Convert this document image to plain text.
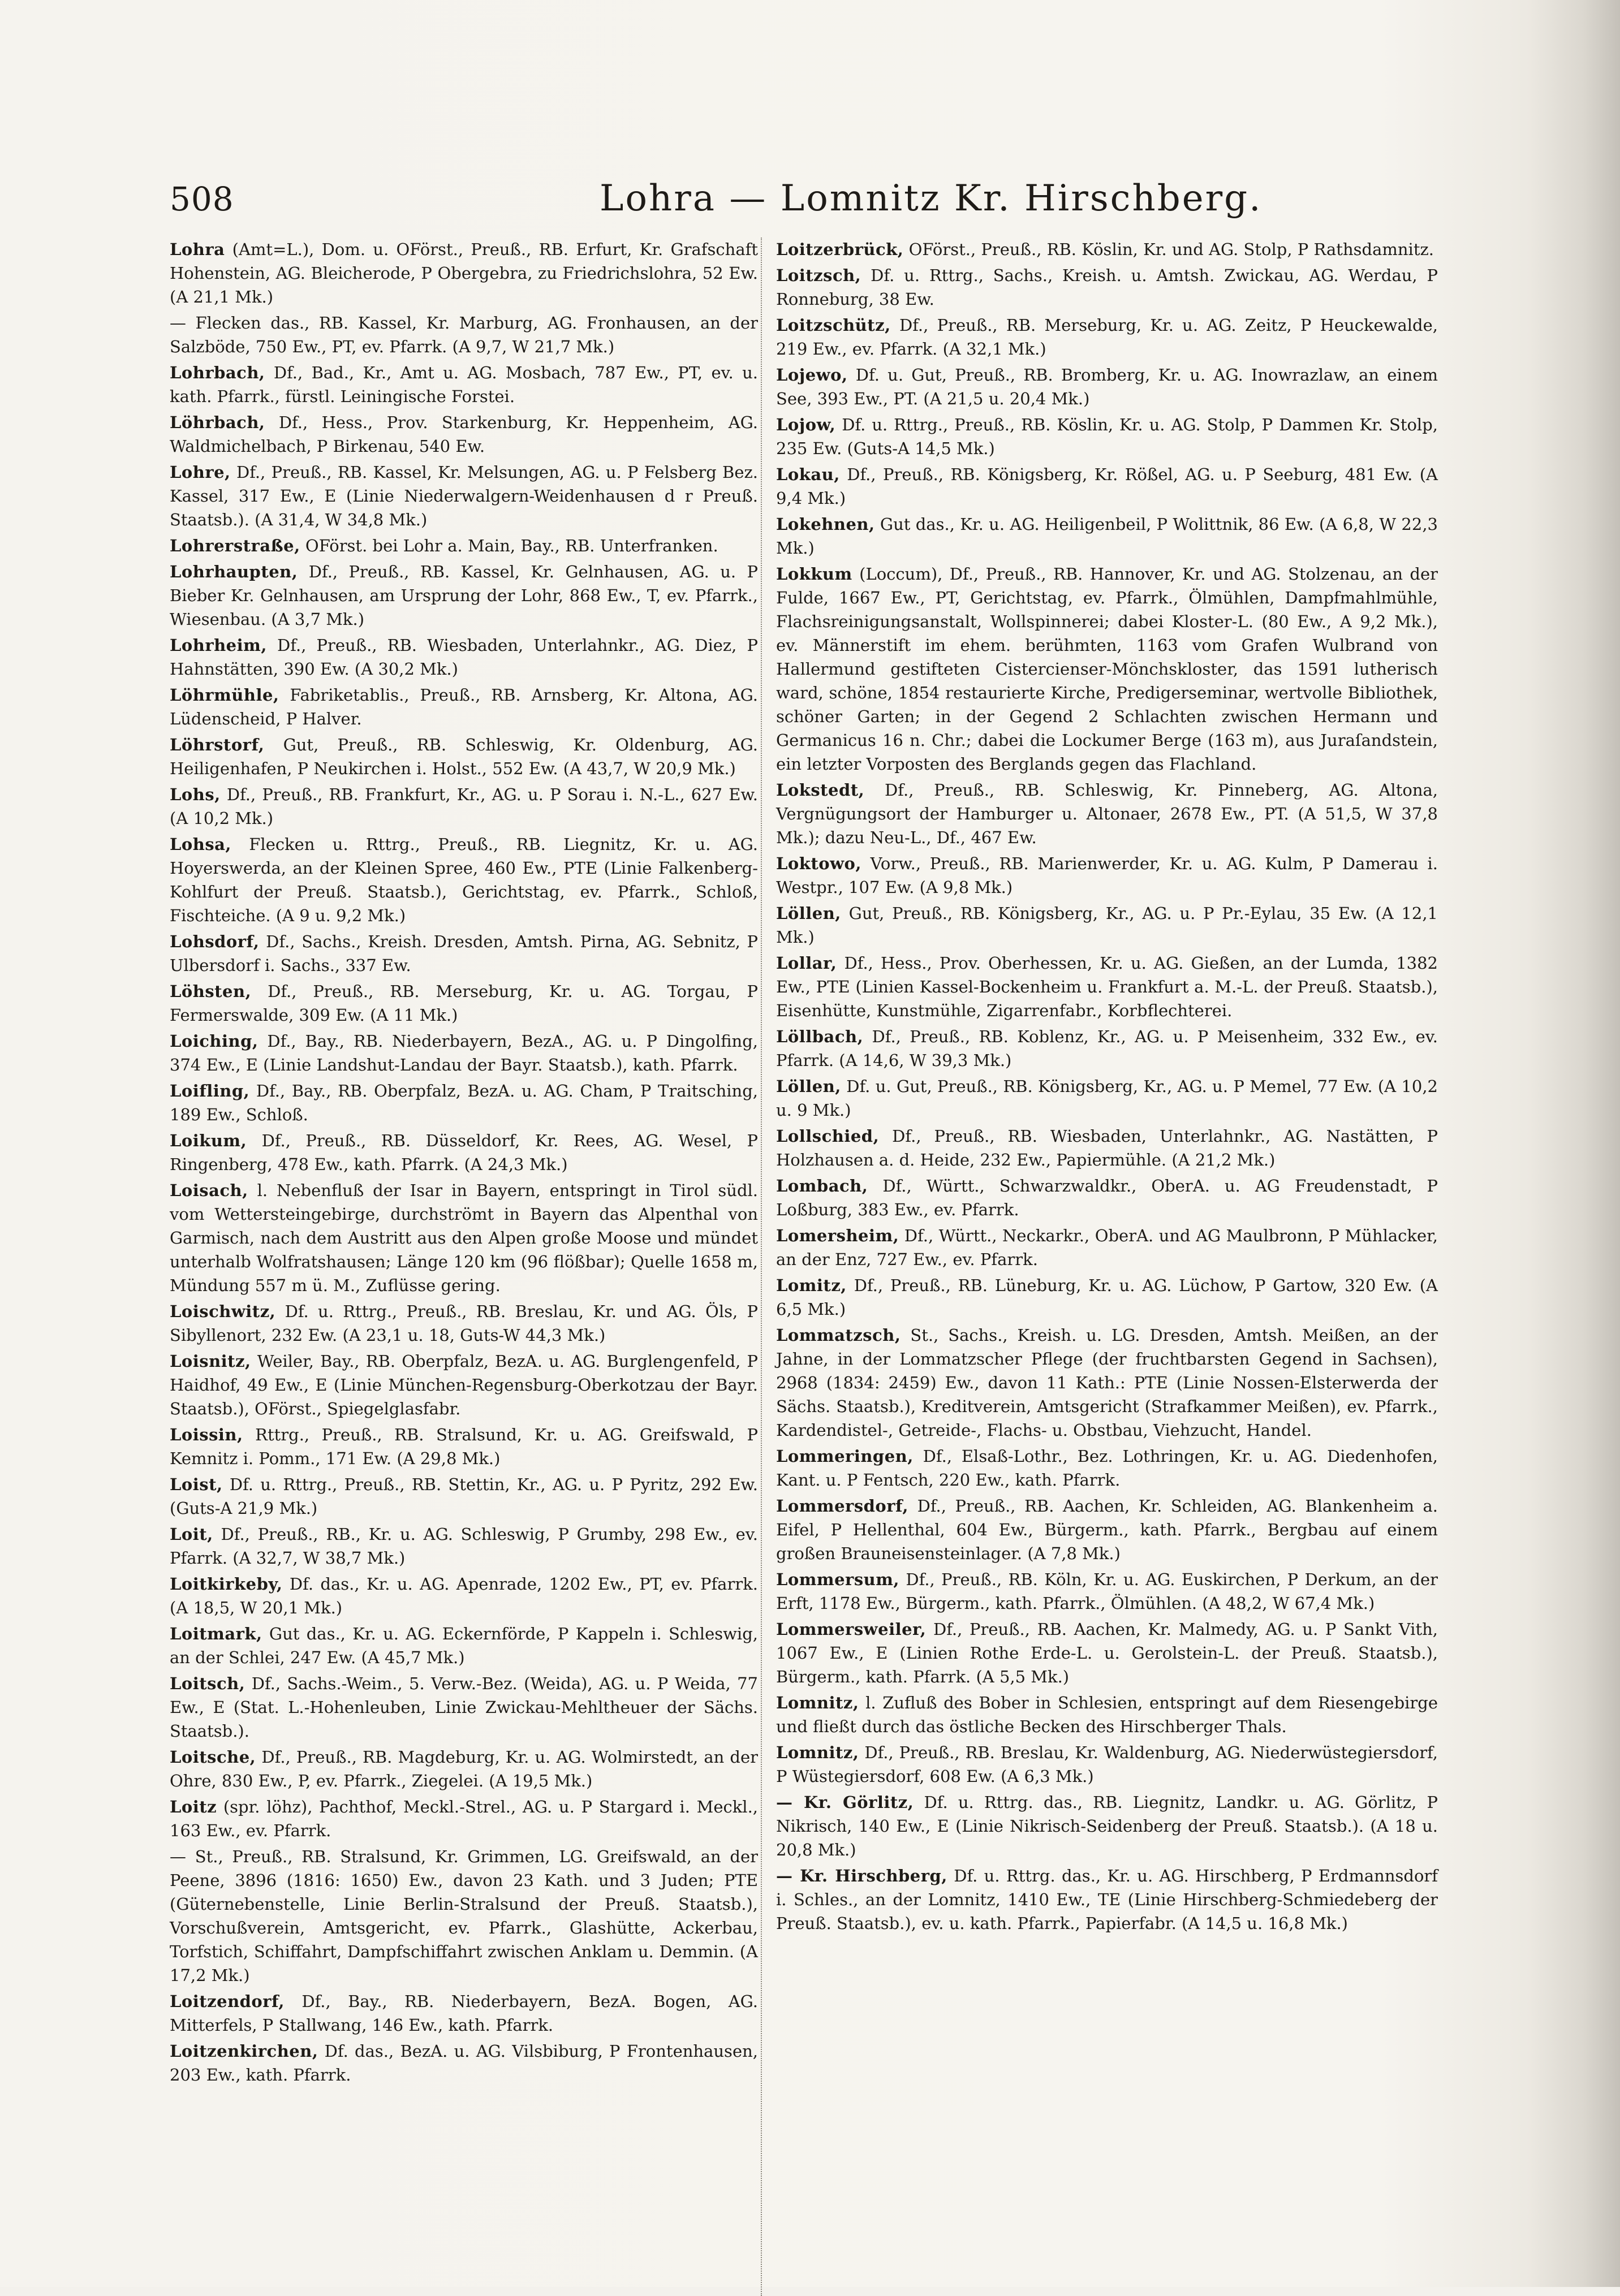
508	Lohra — Lomnitz Kr. Hirschberg.

Lohra (Amt=L.), Dom. u. OFörst., Preuß., RB. Erfurt, Kr. Grafschaft Hohenstein, AG. Bleicherode, P Obergebra, zu Friedrichslohra, 52 Ew. (A 21,1 Mk.)

— Flecken das., RB. Kassel, Kr. Marburg, AG. Fronhausen, an der Salzböde, 750 Ew., PT, ev. Pfarrk. (A 9,7, W 21,7 Mk.)

Lohrbach, Df., Bad., Kr., Amt u. AG. Mosbach, 787 Ew., PT, ev. u. kath. Pfarrk., fürstl. Leiningische Forstei.

Löhrbach, Df., Hess., Prov. Starkenburg, Kr. Heppenheim, AG. Waldmichelbach, P Birkenau, 540 Ew.

Lohre, Df., Preuß., RB. Kassel, Kr. Melsungen, AG. u. P Felsberg Bez. Kassel, 317 Ew., E (Linie Niederwalgern-Weidenhausen d r Preuß. Staatsb.). (A 31,4, W 34,8 Mk.)

Lohrerstraße, OFörst. bei Lohr a. Main, Bay., RB. Unterfranken.

Lohrhaupten, Df., Preuß., RB. Kassel, Kr. Gelnhausen, AG. u. P Bieber Kr. Gelnhausen, am Ursprung der Lohr, 868 Ew., T, ev. Pfarrk., Wiesenbau. (A 3,7 Mk.)

Lohrheim, Df., Preuß., RB. Wiesbaden, Unterlahnkr., AG. Diez, P Hahnstätten, 390 Ew. (A 30,2 Mk.)

Löhrmühle, Fabriketablis., Preuß., RB. Arnsberg, Kr. Altona, AG. Lüdenscheid, P Halver.

Löhrstorf, Gut, Preuß., RB. Schleswig, Kr. Oldenburg, AG. Heiligenhafen, P Neukirchen i. Holst., 552 Ew. (A 43,7, W 20,9 Mk.)

Lohs, Df., Preuß., RB. Frankfurt, Kr., AG. u. P Sorau i. N.-L., 627 Ew. (A 10,2 Mk.)

Lohsa, Flecken u. Rttrg., Preuß., RB. Liegnitz, Kr. u. AG. Hoyerswerda, an der Kleinen Spree, 460 Ew., PTE (Linie Falkenberg-Kohlfurt der Preuß. Staatsb.), Gerichtstag, ev. Pfarrk., Schloß, Fischteiche. (A 9 u. 9,2 Mk.)

Lohsdorf, Df., Sachs., Kreish. Dresden, Amtsh. Pirna, AG. Sebnitz, P Ulbersdorf i. Sachs., 337 Ew.

Löhsten, Df., Preuß., RB. Merseburg, Kr. u. AG. Torgau, P Fermerswalde, 309 Ew. (A 11 Mk.)

Loiching, Df., Bay., RB. Niederbayern, BezA., AG. u. P Dingolfing, 374 Ew., E (Linie Landshut-Landau der Bayr. Staatsb.), kath. Pfarrk.

Loifling, Df., Bay., RB. Oberpfalz, BezA. u. AG. Cham, P Traitsching, 189 Ew., Schloß.

Loikum, Df., Preuß., RB. Düsseldorf, Kr. Rees, AG. Wesel, P Ringenberg, 478 Ew., kath. Pfarrk. (A 24,3 Mk.)

Loisach, l. Nebenfluß der Isar in Bayern, entspringt in Tirol südl. vom Wettersteingebirge, durchströmt in Bayern das Alpenthal von Garmisch, nach dem Austritt aus den Alpen große Moose und mündet unterhalb Wolfratshausen; Länge 120 km (96 flößbar); Quelle 1658 m, Mündung 557 m ü. M., Zuflüsse gering.

Loischwitz, Df. u. Rttrg., Preuß., RB. Breslau, Kr. und AG. Öls, P Sibyllenort, 232 Ew. (A 23,1 u. 18, Guts-W 44,3 Mk.)

Loisnitz, Weiler, Bay., RB. Oberpfalz, BezA. u. AG. Burglengenfeld, P Haidhof, 49 Ew., E (Linie München-Regensburg-Oberkotzau der Bayr. Staatsb.), OFörst., Spiegelglasfabr.

Loissin, Rttrg., Preuß., RB. Stralsund, Kr. u. AG. Greifswald, P Kemnitz i. Pomm., 171 Ew. (A 29,8 Mk.)

Loist, Df. u. Rttrg., Preuß., RB. Stettin, Kr., AG. u. P Pyritz, 292 Ew. (Guts-A 21,9 Mk.)

Loit, Df., Preuß., RB., Kr. u. AG. Schleswig, P Grumby, 298 Ew., ev. Pfarrk. (A 32,7, W 38,7 Mk.)

Loitkirkeby, Df. das., Kr. u. AG. Apenrade, 1202 Ew., PT, ev. Pfarrk. (A 18,5, W 20,1 Mk.)

Loitmark, Gut das., Kr. u. AG. Eckernförde, P Kappeln i. Schleswig, an der Schlei, 247 Ew. (A 45,7 Mk.)

Loitsch, Df., Sachs.-Weim., 5. Verw.-Bez. (Weida), AG. u. P Weida, 77 Ew., E (Stat. L.-Hohenleuben, Linie Zwickau-Mehltheuer der Sächs. Staatsb.).

Loitsche, Df., Preuß., RB. Magdeburg, Kr. u. AG. Wolmirstedt, an der Ohre, 830 Ew., P, ev. Pfarrk., Ziegelei. (A 19,5 Mk.)

Loitz (spr. löhz), Pachthof, Meckl.-Strel., AG. u. P Stargard i. Meckl., 163 Ew., ev. Pfarrk.

— St., Preuß., RB. Stralsund, Kr. Grimmen, LG. Greifswald, an der Peene, 3896 (1816: 1650) Ew., davon 23 Kath. und 3 Juden; PTE (Güternebenstelle, Linie Berlin-Stralsund der Preuß. Staatsb.), Vorschußverein, Amtsgericht, ev. Pfarrk., Glashütte, Ackerbau, Torfstich, Schiffahrt, Dampfschiffahrt zwischen Anklam u. Demmin. (A 17,2 Mk.)

Loitzendorf, Df., Bay., RB. Niederbayern, BezA. Bogen, AG. Mitterfels, P Stallwang, 146 Ew., kath. Pfarrk.

Loitzenkirchen, Df. das., BezA. u. AG. Vilsbiburg, P Frontenhausen, 203 Ew., kath. Pfarrk.

Loitzerbrück, OFörst., Preuß., RB. Köslin, Kr. und AG. Stolp, P Rathsdamnitz.

Loitzsch, Df. u. Rttrg., Sachs., Kreish. u. Amtsh. Zwickau, AG. Werdau, P Ronneburg, 38 Ew.

Loitzschütz, Df., Preuß., RB. Merseburg, Kr. u. AG. Zeitz, P Heuckewalde, 219 Ew., ev. Pfarrk. (A 32,1 Mk.)

Lojewo, Df. u. Gut, Preuß., RB. Bromberg, Kr. u. AG. Inowrazlaw, an einem See, 393 Ew., PT. (A 21,5 u. 20,4 Mk.)

Lojow, Df. u. Rttrg., Preuß., RB. Köslin, Kr. u. AG. Stolp, P Dammen Kr. Stolp, 235 Ew. (Guts-A 14,5 Mk.)

Lokau, Df., Preuß., RB. Königsberg, Kr. Rößel, AG. u. P Seeburg, 481 Ew. (A 9,4 Mk.)

Lokehnen, Gut das., Kr. u. AG. Heiligenbeil, P Wolittnik, 86 Ew. (A 6,8, W 22,3 Mk.)

Lokkum (Loccum), Df., Preuß., RB. Hannover, Kr. und AG. Stolzenau, an der Fulde, 1667 Ew., PT, Gerichtstag, ev. Pfarrk., Ölmühlen, Dampfmahlmühle, Flachsreinigungsanstalt, Wollspinnerei; dabei Kloster-L. (80 Ew., A 9,2 Mk.), ev. Männerstift im ehem. berühmten, 1163 vom Grafen Wulbrand von Hallermund gestifteten Cistercienser-Mönchskloster, das 1591 lutherisch ward, schöne, 1854 restaurierte Kirche, Predigerseminar, wertvolle Bibliothek, schöner Garten; in der Gegend 2 Schlachten zwischen Hermann und Germanicus 16 n. Chr.; dabei die Lockumer Berge (163 m), aus Juraſandstein, ein letzter Vorposten des Berglands gegen das Flachland.

Lokstedt, Df., Preuß., RB. Schleswig, Kr. Pinneberg, AG. Altona, Vergnügungsort der Hamburger u. Altonaer, 2678 Ew., PT. (A 51,5, W 37,8 Mk.); dazu Neu-L., Df., 467 Ew.

Loktowo, Vorw., Preuß., RB. Marienwerder, Kr. u. AG. Kulm, P Damerau i. Westpr., 107 Ew. (A 9,8 Mk.)

Löllen, Gut, Preuß., RB. Königsberg, Kr., AG. u. P Pr.-Eylau, 35 Ew. (A 12,1 Mk.)

Lollar, Df., Hess., Prov. Oberhessen, Kr. u. AG. Gießen, an der Lumda, 1382 Ew., PTE (Linien Kassel-Bockenheim u. Frankfurt a. M.-L. der Preuß. Staatsb.), Eisenhütte, Kunstmühle, Zigarrenfabr., Korbflechterei.

Löllbach, Df., Preuß., RB. Koblenz, Kr., AG. u. P Meisenheim, 332 Ew., ev. Pfarrk. (A 14,6, W 39,3 Mk.)

Löllen, Df. u. Gut, Preuß., RB. Königsberg, Kr., AG. u. P Memel, 77 Ew. (A 10,2 u. 9 Mk.)

Lollschied, Df., Preuß., RB. Wiesbaden, Unterlahnkr., AG. Nastätten, P Holzhausen a. d. Heide, 232 Ew., Papiermühle. (A 21,2 Mk.)

Lombach, Df., Württ., Schwarzwaldkr., OberA. u. AG Freudenstadt, P Loßburg, 383 Ew., ev. Pfarrk.

Lomersheim, Df., Württ., Neckarkr., OberA. und AG Maulbronn, P Mühlacker, an der Enz, 727 Ew., ev. Pfarrk.

Lomitz, Df., Preuß., RB. Lüneburg, Kr. u. AG. Lüchow, P Gartow, 320 Ew. (A 6,5 Mk.)

Lommatzsch, St., Sachs., Kreish. u. LG. Dresden, Amtsh. Meißen, an der Jahne, in der Lommatzscher Pflege (der fruchtbarsten Gegend in Sachsen), 2968 (1834: 2459) Ew., davon 11 Kath.: PTE (Linie Nossen-Elsterwerda der Sächs. Staatsb.), Kreditverein, Amtsgericht (Strafkammer Meißen), ev. Pfarrk., Kardendistel-, Getreide-, Flachs- u. Obstbau, Viehzucht, Handel.

Lommeringen, Df., Elsaß-Lothr., Bez. Lothringen, Kr. u. AG. Diedenhofen, Kant. u. P Fentsch, 220 Ew., kath. Pfarrk.

Lommersdorf, Df., Preuß., RB. Aachen, Kr. Schleiden, AG. Blankenheim a. Eifel, P Hellenthal, 604 Ew., Bürgerm., kath. Pfarrk., Bergbau auf einem großen Brauneisensteinlager. (A 7,8 Mk.)

Lommersum, Df., Preuß., RB. Köln, Kr. u. AG. Euskirchen, P Derkum, an der Erft, 1178 Ew., Bürgerm., kath. Pfarrk., Ölmühlen. (A 48,2, W 67,4 Mk.)

Lommersweiler, Df., Preuß., RB. Aachen, Kr. Malmedy, AG. u. P Sankt Vith, 1067 Ew., E (Linien Rothe Erde-L. u. Gerolstein-L. der Preuß. Staatsb.), Bürgerm., kath. Pfarrk. (A 5,5 Mk.)

Lomnitz, l. Zufluß des Bober in Schlesien, entspringt auf dem Riesengebirge und fließt durch das östliche Becken des Hirschberger Thals.

Lomnitz, Df., Preuß., RB. Breslau, Kr. Waldenburg, AG. Niederwüstegiersdorf, P Wüstegiersdorf, 608 Ew. (A 6,3 Mk.)

— Kr. Görlitz, Df. u. Rttrg. das., RB. Liegnitz, Landkr. u. AG. Görlitz, P Nikrisch, 140 Ew., E (Linie Nikrisch-Seidenberg der Preuß. Staatsb.). (A 18 u. 20,8 Mk.)

— Kr. Hirschberg, Df. u. Rttrg. das., Kr. u. AG. Hirschberg, P Erdmannsdorf i. Schles., an der Lomnitz, 1410 Ew., TE (Linie Hirschberg-Schmiedeberg der Preuß. Staatsb.), ev. u. kath. Pfarrk., Papierfabr. (A 14,5 u. 16,8 Mk.)
